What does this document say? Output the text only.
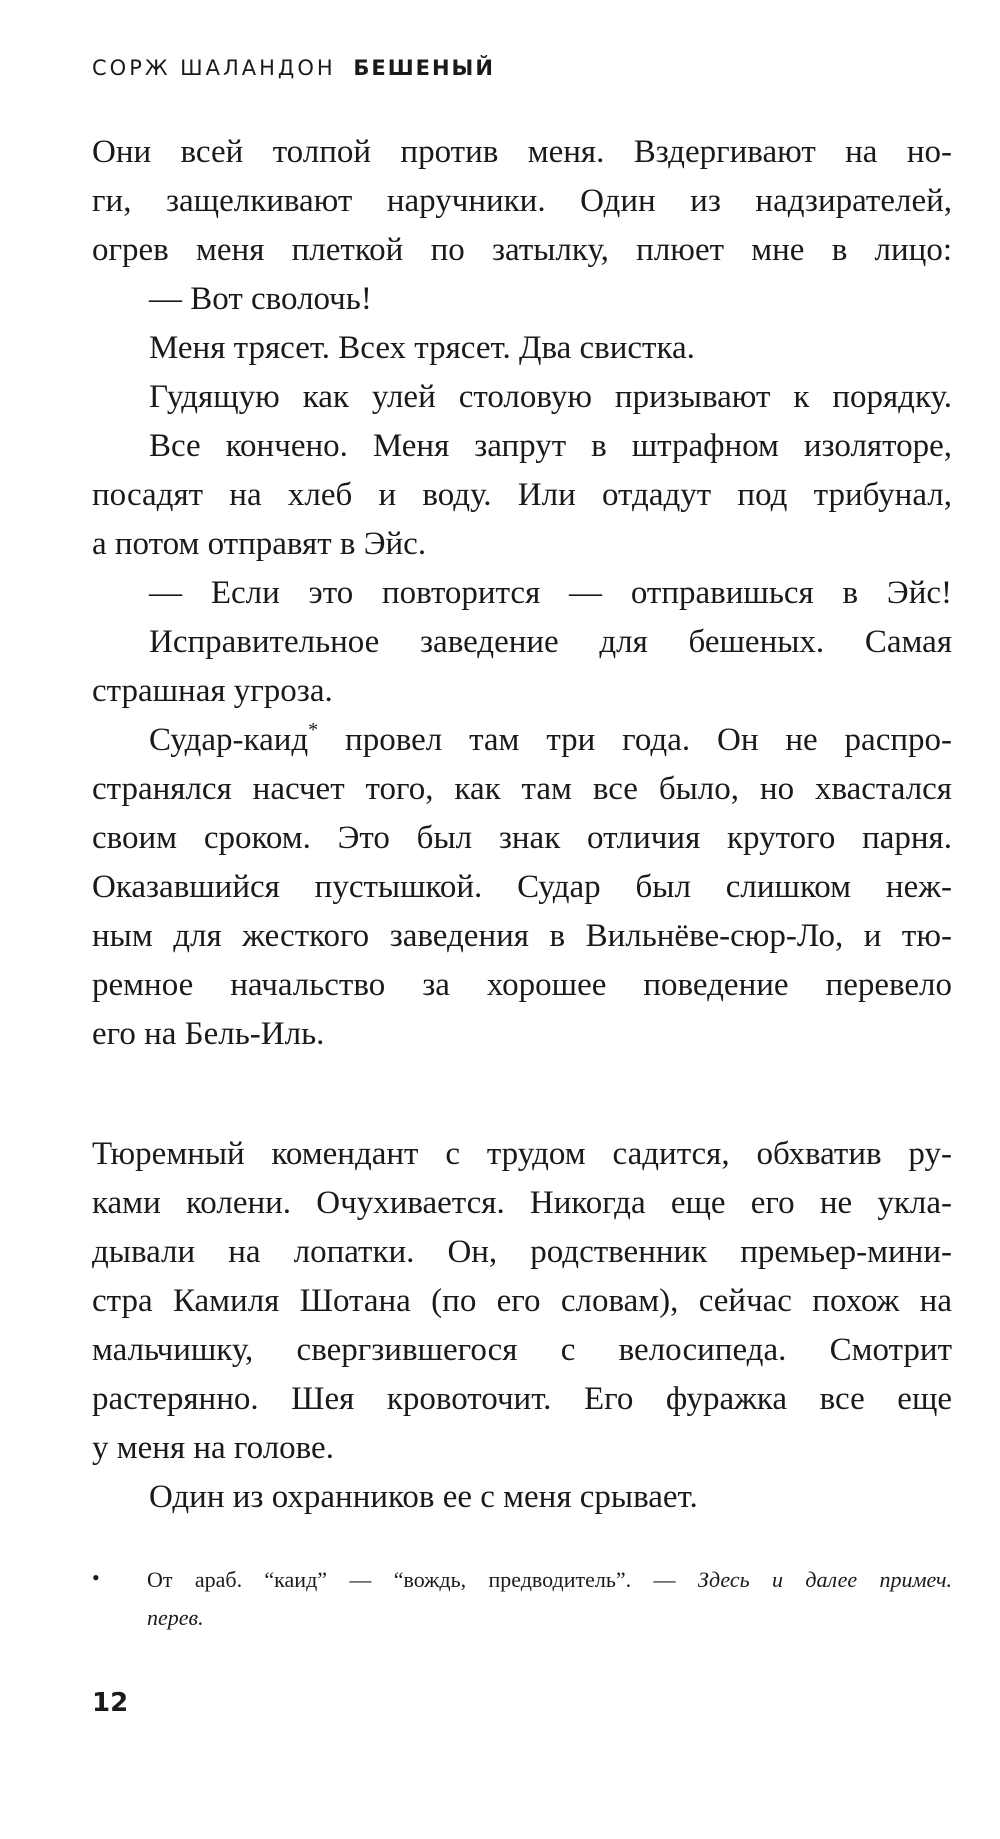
СОРЖ ШАЛАНДОН БЕШЕНЫЙ
Они всей толпой против меня. Вздергивают на но-
ги, защелкивают наручники. Один из надзирателей,
огрев меня плеткой по затылку, плюет мне в лицо:
— Вот сволочь!
Меня трясет. Всех трясет. Два свистка.
Гудящую как улей столовую призывают к порядку.
Все кончено. Меня запрут в штрафном изоляторе,
посадят на хлеб и воду. Или отдадут под трибунал,
а потом отправят в Эйс.
— Если это повторится — отправишься в Эйс!
Исправительное заведение для бешеных. Самая
страшная угроза.
Судар-каид* провел там три года. Он не распро-
странялся насчет того, как там все было, но хвастался
своим сроком. Это был знак отличия крутого парня.
Оказавшийся пустышкой. Судар был слишком неж-
ным для жесткого заведения в Вильнёве-сюр-Ло, и тю-
ремное начальство за хорошее поведение перевело
его на Бель-Иль.
Тюремный комендант с трудом садится, обхватив ру-
ками колени. Очухивается. Никогда еще его не укла-
дывали на лопатки. Он, родственник премьер-мини-
стра Камиля Шотана (по его словам), сейчас похож на
мальчишку, свергзившегося с велосипеда. Смотрит
растерянно. Шея кровоточит. Его фуражка все еще
у меня на голове.
Один из охранников ее с меня срывает.
•	От араб. “каид” — “вождь, предводитель”. — Здесь и далее примеч.
перев.
12
